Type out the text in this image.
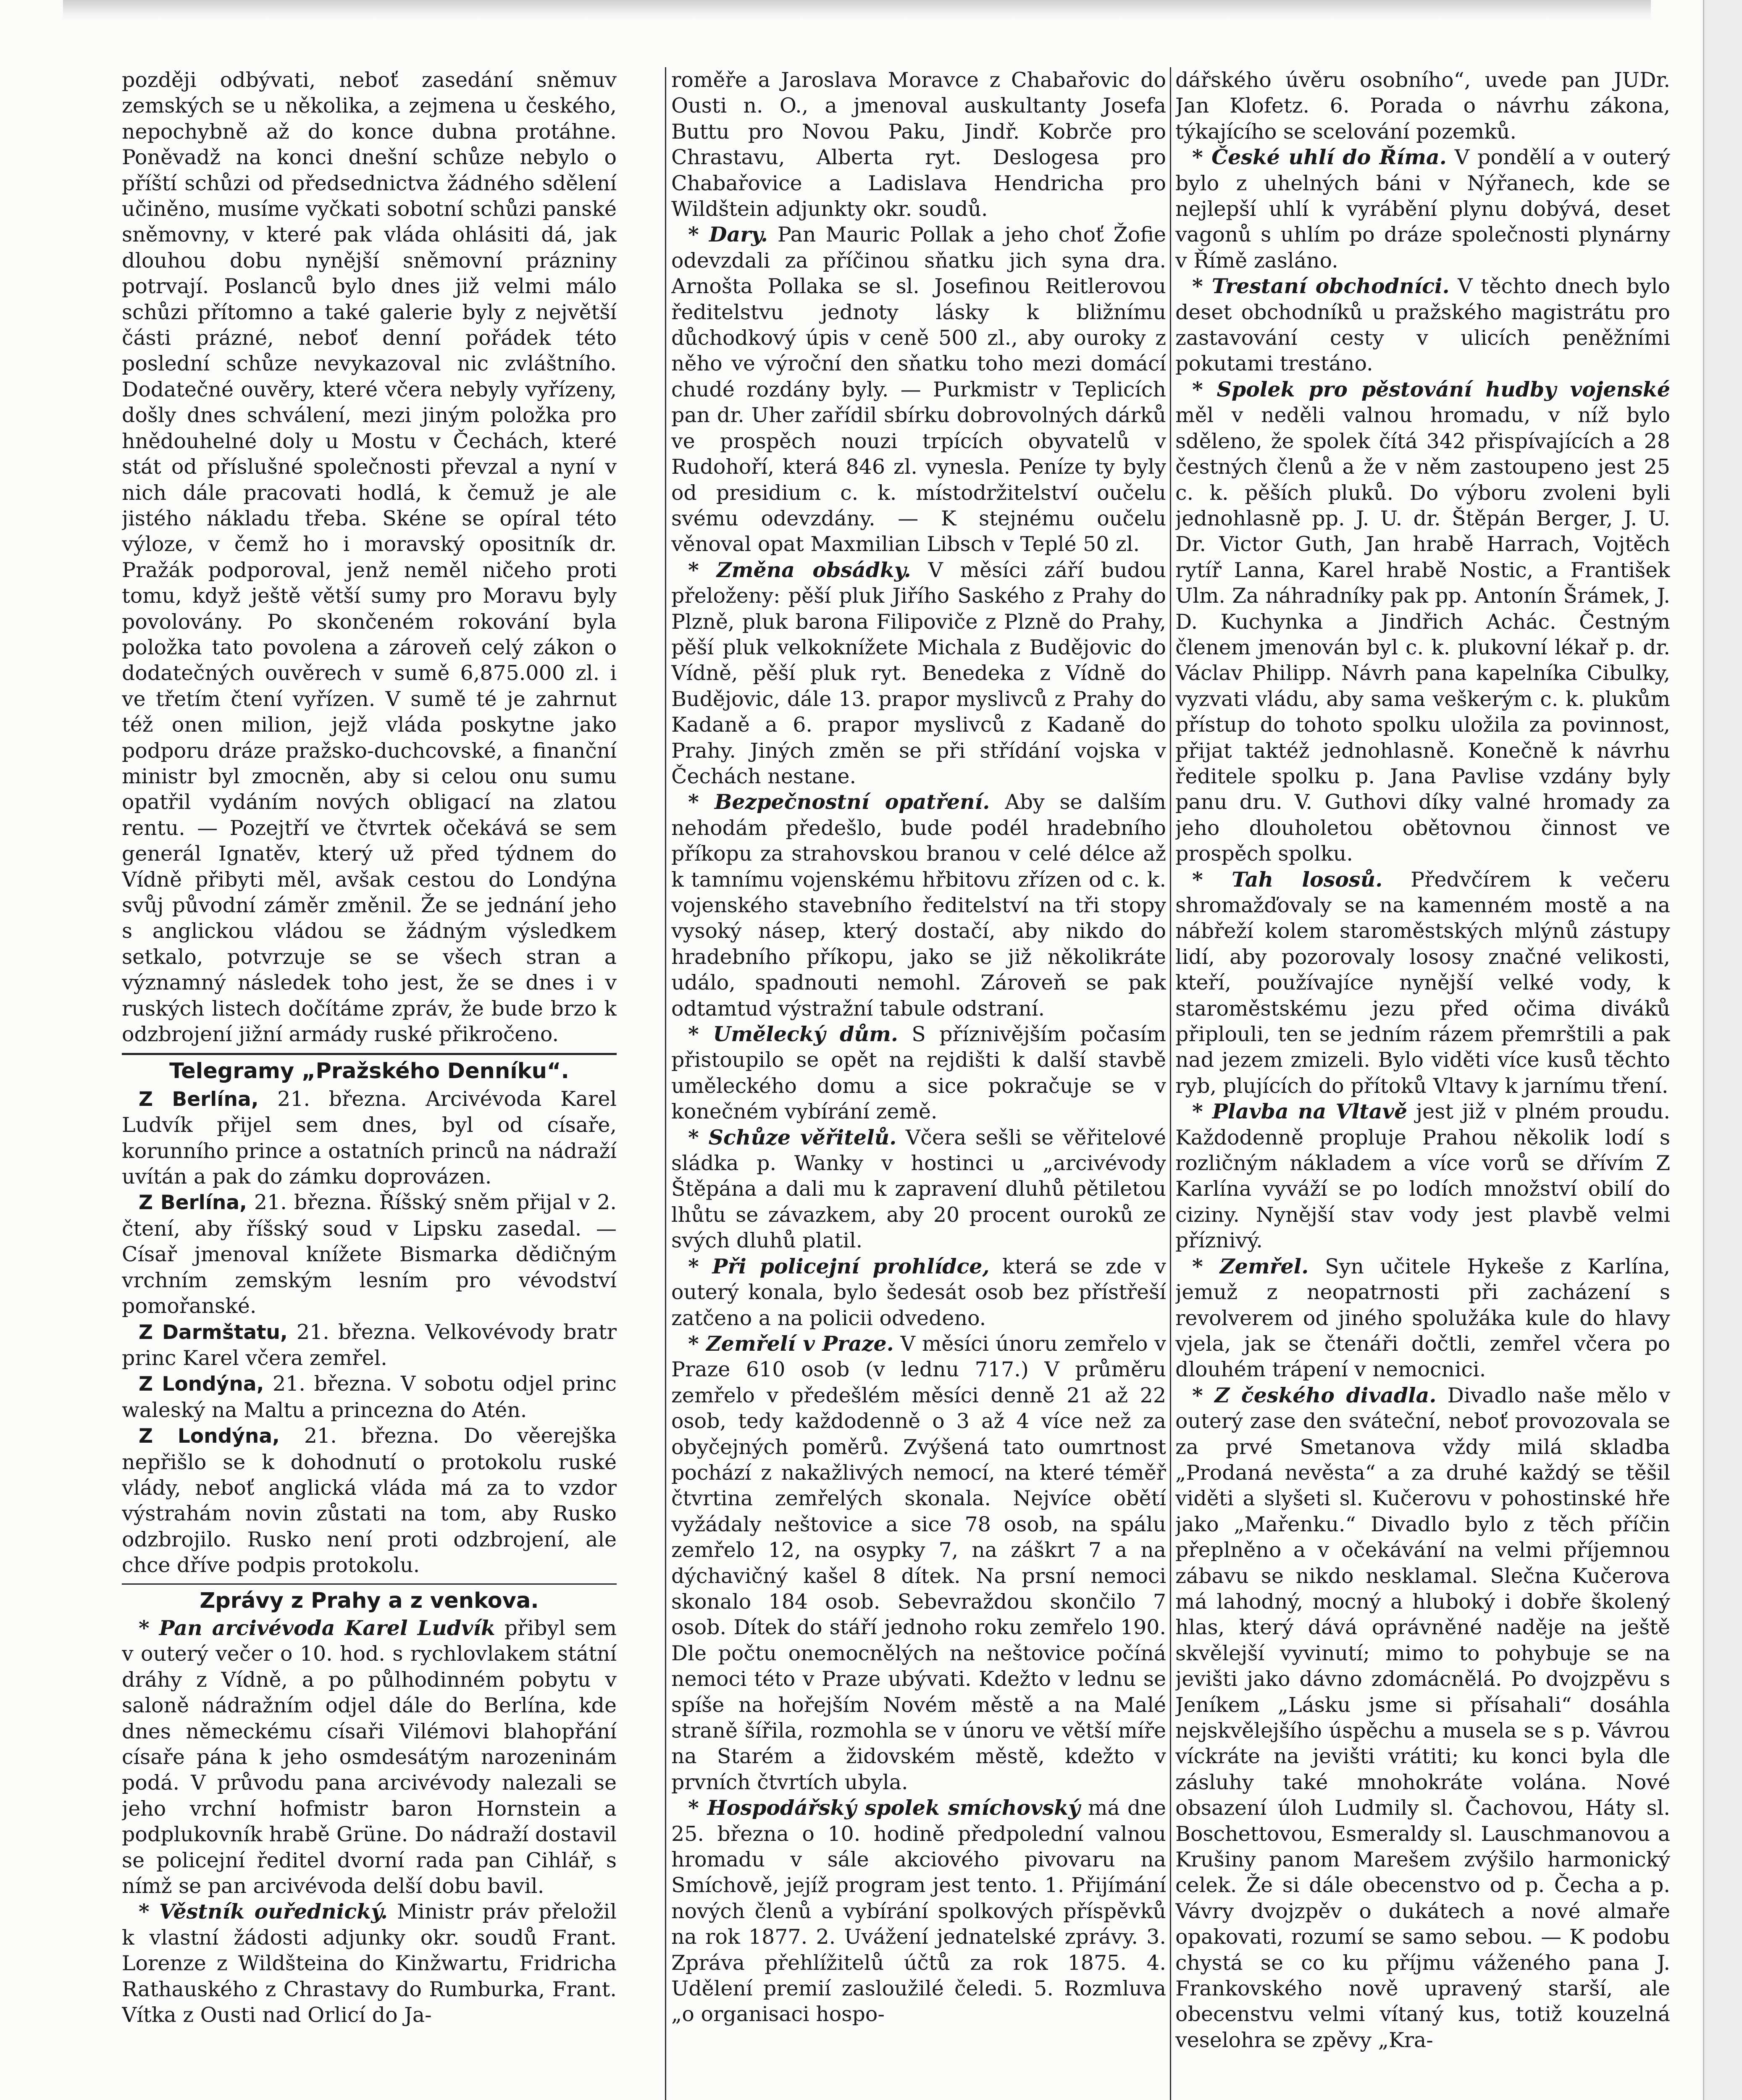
později odbývati, neboť zasedání sněmuv zemských se u několika, a zejmena u českého, nepochybně až do konce dubna protáhne. Poněvadž na konci dnešní schůze nebylo o příští schůzi od předsednictva žádného sdělení učiněno, musíme vyčkati sobotní schůzi panské sněmovny, v které pak vláda ohlásiti dá, jak dlouhou dobu nynější sněmovní prázniny potrvají. Poslanců bylo dnes již velmi málo schůzi přítomno a také galerie byly z největší části prázné, neboť denní pořádek této poslední schůze nevykazoval nic zvláštního. Dodatečné ouvěry, které včera nebyly vyřízeny, došly dnes schválení, mezi jiným položka pro hnědouhelné doly u Mostu v Čechách, které stát od příslušné společnosti převzal a nyní v nich dále pracovati hodlá, k čemuž je ale jistého nákladu třeba. Skéne se opíral této výloze, v čemž ho i moravský opositník dr. Pražák podporoval, jenž neměl ničeho proti tomu, když ještě větší sumy pro Moravu byly povolovány. Po skončeném rokování byla položka tato povolena a zároveň celý zákon o dodatečných ouvěrech v sumě 6,875.000 zl. i ve třetím čtení vyřízen. V sumě té je zahrnut též onen milion, jejž vláda poskytne jako podporu dráze pražsko-duchcovské, a finanční ministr byl zmocněn, aby si celou onu sumu opatřil vydáním nových obligací na zlatou rentu. — Pozejtří ve čtvrtek očekává se sem generál Ignatěv, který už před týdnem do Vídně přibyti měl, avšak cestou do Londýna svůj původní záměr změnil. Že se jednání jeho s anglickou vládou se žádným výsledkem setkalo, potvrzuje se se všech stran a významný následek toho jest, že se dnes i v ruských listech dočítáme zpráv, že bude brzo k odzbrojení jižní armády ruské přikročeno.

Telegramy „Pražského Denníku“.

Z Berlína, 21. března. Arcivévoda Karel Ludvík přijel sem dnes, byl od císaře, korunního prince a ostatních princů na nádraží uvítán a pak do zámku doprovázen.

Z Berlína, 21. března. Říšský sněm přijal v 2. čtení, aby říšský soud v Lipsku zasedal. — Císař jmenoval knížete Bismarka dědičným vrchním zemským lesním pro vévodství pomořanské.

Z Darmštatu, 21. března. Velkovévody bratr princ Karel včera zemřel.

Z Londýna, 21. března. V sobotu odjel princ waleský na Maltu a princezna do Atén.

Z Londýna, 21. března. Do věerejška nepřišlo se k dohodnutí o protokolu ruské vlády, neboť anglická vláda má za to vzdor výstrahám novin zůstati na tom, aby Rusko odzbrojilo. Rusko není proti odzbrojení, ale chce dříve podpis protokolu.

Zprávy z Prahy a z venkova.

* Pan arcivévoda Karel Ludvík přibyl sem v outerý večer o 10. hod. s rychlovlakem státní dráhy z Vídně, a po půlhodinném pobytu v saloně nádražním odjel dále do Berlína, kde dnes německému císaři Vilémovi blahopřání císaře pána k jeho osmdesátým narozeninám podá. V průvodu pana arcivévody nalezali se jeho vrchní hofmistr baron Hornstein a podplukovník hrabě Grüne. Do nádraží dostavil se policejní ředitel dvorní rada pan Cihlář, s nímž se pan arcivévoda delší dobu bavil.

* Věstník ouřednický. Ministr práv přeložil k vlastní žádosti adjunky okr. soudů Frant. Lorenze z Wildšteina do Kinžwartu, Fridricha Rathauského z Chrastavy do Rumburka, Frant. Vítka z Ousti nad Orlicí do Ja-

roměře a Jaroslava Moravce z Chabařovic do Ousti n. O., a jmenoval auskultanty Josefa Buttu pro Novou Paku, Jindř. Kobrče pro Chrastavu, Alberta ryt. Deslogesa pro Chabařovice a Ladislava Hendricha pro Wildštein adjunkty okr. soudů.

* Dary. Pan Mauric Pollak a jeho choť Žofie odevzdali za příčinou sňatku jich syna dra. Arnošta Pollaka se sl. Josefinou Reitlerovou ředitelstvu jednoty lásky k bližnímu důchodkový úpis v ceně 500 zl., aby ouroky z něho ve výroční den sňatku toho mezi domácí chudé rozdány byly. — Purkmistr v Teplicích pan dr. Uher zařídil sbírku dobrovolných dárků ve prospěch nouzi trpících obyvatelů v Rudohoří, která 846 zl. vynesla. Peníze ty byly od presidium c. k. místodržitelství oučelu svému odevzdány. — K stejnému oučelu věnoval opat Maxmilian Libsch v Teplé 50 zl.

* Změna obsádky. V měsíci září budou přeloženy: pěší pluk Jiřího Saského z Prahy do Plzně, pluk barona Filipoviče z Plzně do Prahy, pěší pluk velkoknížete Michala z Budějovic do Vídně, pěší pluk ryt. Benedeka z Vídně do Budějovic, dále 13. prapor myslivců z Prahy do Kadaně a 6. prapor myslivců z Kadaně do Prahy. Jiných změn se při střídání vojska v Čechách nestane.

* Bezpečnostní opatření. Aby se dalším nehodám předešlo, bude podél hradebního příkopu za strahovskou branou v celé délce až k tamnímu vojenskému hřbitovu zřízen od c. k. vojenského stavebního ředitelství na tři stopy vysoký násep, který dostačí, aby nikdo do hradebního příkopu, jako se již několikráte událo, spadnouti nemohl. Zároveň se pak odtamtud výstražní tabule odstraní.

* Umělecký dům. S příznivějším počasím přistoupilo se opět na rejdišti k další stavbě uměleckého domu a sice pokračuje se v konečném vybírání země.

* Schůze věřitelů. Včera sešli se věřitelové sládka p. Wanky v hostinci u „arcivévody Štěpána a dali mu k zapravení dluhů pětiletou lhůtu se závazkem, aby 20 procent ouroků ze svých dluhů platil.

* Při policejní prohlídce, která se zde v outerý konala, bylo šedesát osob bez přístřeší zatčeno a na policii odvedeno.

* Zemřelí v Praze. V měsíci únoru zemřelo v Praze 610 osob (v lednu 717.) V průměru zemřelo v předešlém měsíci denně 21 až 22 osob, tedy každodenně o 3 až 4 více než za obyčejných poměrů. Zvýšená tato oumrtnost pochází z nakažlivých nemocí, na které téměř čtvrtina zemřelých skonala. Nejvíce obětí vyžádaly neštovice a sice 78 osob, na spálu zemřelo 12, na osypky 7, na záškrt 7 a na dýchavičný kašel 8 dítek. Na prsní nemoci skonalo 184 osob. Sebevraždou skončilo 7 osob. Dítek do stáří jednoho roku zemřelo 190. Dle počtu onemocnělých na neštovice počíná nemoci této v Praze ubývati. Kdežto v lednu se spíše na hořejším Novém městě a na Malé straně šířila, rozmohla se v únoru ve větší míře na Starém a židovském městě, kdežto v prvních čtvrtích ubyla.

* Hospodářský spolek smíchovský má dne 25. března o 10. hodině předpolední valnou hromadu v sále akciového pivovaru na Smíchově, jejíž program jest tento. 1. Přijímání nových členů a vybírání spolkových příspěvků na rok 1877. 2. Uvážení jednatelské zprávy. 3. Zpráva přehlížitelů účtů za rok 1875. 4. Udělení premií zasloužilé čeledi. 5. Rozmluva „o organisaci hospo-

dářského úvěru osobního“, uvede pan JUDr. Jan Klofetz. 6. Porada o návrhu zákona, týkajícího se scelování pozemků.

* České uhlí do Říma. V pondělí a v outerý bylo z uhelných báni v Nýřanech, kde se nejlepší uhlí k vyrábění plynu dobývá, deset vagonů s uhlím po dráze společnosti plynárny v Římě zasláno.

* Trestaní obchodníci. V těchto dnech bylo deset obchodníků u pražského magistrátu pro zastavování cesty v ulicích peněžními pokutami trestáno.

* Spolek pro pěstování hudby vojenské měl v neděli valnou hromadu, v níž bylo sděleno, že spolek čítá 342 přispívajících a 28 čestných členů a že v něm zastoupeno jest 25 c. k. pěších pluků. Do výboru zvoleni byli jednohlasně pp. J. U. dr. Štěpán Berger, J. U. Dr. Victor Guth, Jan hrabě Harrach, Vojtěch rytíř Lanna, Karel hrabě Nostic, a František Ulm. Za náhradníky pak pp. Antonín Šrámek, J. D. Kuchynka a Jindřich Achác. Čestným členem jmenován byl c. k. plukovní lékař p. dr. Václav Philipp. Návrh pana kapelníka Cibulky, vyzvati vládu, aby sama veškerým c. k. plukům přístup do tohoto spolku uložila za povinnost, přijat taktéž jednohlasně. Konečně k návrhu ředitele spolku p. Jana Pavlise vzdány byly panu dru. V. Guthovi díky valné hromady za jeho dlouholetou obětovnou činnost ve prospěch spolku.

* Tah lososů. Předvčírem k večeru shromažďovaly se na kamenném mostě a na nábřeží kolem staroměstských mlýnů zástupy lidí, aby pozorovaly lososy značné velikosti, kteří, používajíce nynější velké vody, k staroměstskému jezu před očima diváků připlouli, ten se jedním rázem přemrštili a pak nad jezem zmizeli. Bylo viděti více kusů těchto ryb, plujících do přítoků Vltavy k jarnímu tření.

* Plavba na Vltavě jest již v plném proudu. Každodenně propluje Prahou několik lodí s rozličným nákladem a více vorů se dřívím Z Karlína vyváží se po lodích množství obilí do ciziny. Nynější stav vody jest plavbě velmi příznivý.

* Zemřel. Syn učitele Hykeše z Karlína, jemuž z neopatrnosti při zacházení s revolverem od jiného spolužáka kule do hlavy vjela, jak se čtenáři dočtli, zemřel včera po dlouhém trápení v nemocnici.

* Z českého divadla. Divadlo naše mělo v outerý zase den sváteční, neboť provozovala se za prvé Smetanova vždy milá skladba „Prodaná nevěsta“ a za druhé každý se těšil viděti a slyšeti sl. Kučerovu v pohostinské hře jako „Mařenku.“ Divadlo bylo z těch příčin přeplněno a v očekávání na velmi příjemnou zábavu se nikdo nesklamal. Slečna Kučerova má lahodný, mocný a hluboký i dobře školený hlas, který dává oprávněné naděje na ještě skvělejší vyvinutí; mimo to pohybuje se na jevišti jako dávno zdomácnělá. Po dvojzpěvu s Jeníkem „Lásku jsme si přísahali“ dosáhla nejskvělejšího úspěchu a musela se s p. Vávrou víckráte na jevišti vrátiti; ku konci byla dle zásluhy také mnohokráte volána. Nové obsazení úloh Ludmily sl. Čachovou, Háty sl. Boschettovou, Esmeraldy sl. Lauschmanovou a Krušiny panom Marešem zvýšilo harmonický celek. Že si dále obecenstvo od p. Čecha a p. Vávry dvojzpěv o dukátech a nové almaře opakovati, rozumí se samo sebou. — K podobu chystá se co ku příjmu váženého pana J. Frankovského nově upravený starší, ale obecenstvu velmi vítaný kus, totiž kouzelná veselohra se zpěvy „Kra-
